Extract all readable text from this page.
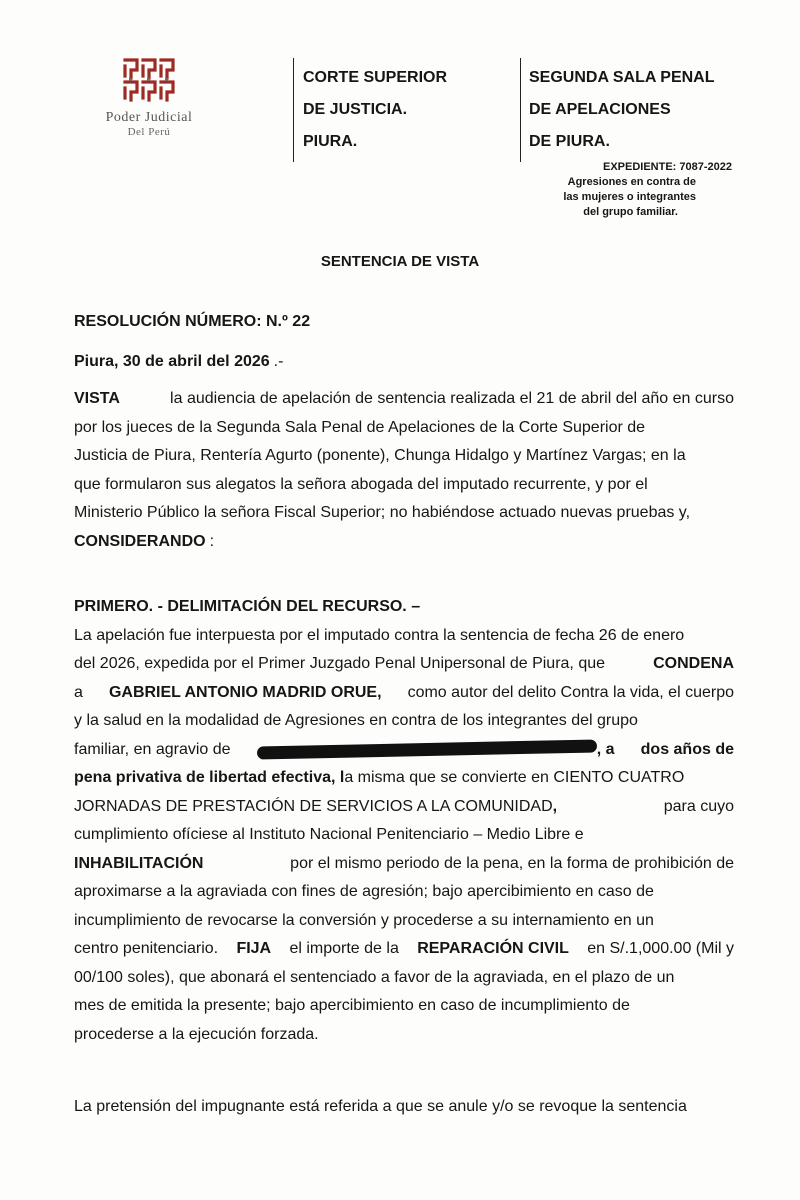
Poder Judicial
Del Perú
CORTE SUPERIOR
DE JUSTICIA.
PIURA.
SEGUNDA SALA PENAL
DE APELACIONES
DE PIURA.
EXPEDIENTE: 7087-2022
Agresiones en contra de
las mujeres o integrantes
del grupo familiar.
SENTENCIA DE VISTA
RESOLUCIÓN NÚMERO: N.º 22
Piura, 30 de abril del 2026 .-
VISTA	la audiencia de apelación de sentencia realizada el 21 de abril del año en curso
por los jueces de la Segunda Sala Penal de Apelaciones de la Corte Superior de
Justicia de Piura, Rentería Agurto (ponente), Chunga Hidalgo y Martínez Vargas; en la
que formularon sus alegatos la señora abogada del imputado recurrente, y por el
Ministerio Público la señora Fiscal Superior; no habiéndose actuado nuevas pruebas y,
CONSIDERANDO :
PRIMERO. - DELIMITACIÓN DEL RECURSO. –
La apelación fue interpuesta por el imputado contra la sentencia de fecha 26 de enero
del 2026, expedida por el Primer Juzgado Penal Unipersonal de Piura, que	CONDENA
a GABRIEL ANTONIO MADRID ORUE, como autor del delito Contra la vida, el cuerpo
y la salud en la modalidad de Agresiones en contra de los integrantes del grupo
familiar, en agravio de	, a dos años de
pena privativa de libertad efectiva, la misma que se convierte en CIENTO CUATRO
JORNADAS DE PRESTACIÓN DE SERVICIOS A LA COMUNIDAD,	para cuyo
cumplimiento ofíciese al Instituto Nacional Penitenciario – Medio Libre e
INHABILITACIÓN	por el mismo periodo de la pena, en la forma de prohibición de
aproximarse a la agraviada con fines de agresión; bajo apercibimiento en caso de
incumplimiento de revocarse la conversión y procederse a su internamiento en un
centro penitenciario. FIJA el importe de la REPARACIÓN CIVIL en S/.1,000.00 (Mil y
00/100 soles), que abonará el sentenciado a favor de la agraviada, en el plazo de un
mes de emitida la presente; bajo apercibimiento en caso de incumplimiento de
procederse a la ejecución forzada.
La pretensión del impugnante está referida a que se anule y/o se revoque la sentencia
